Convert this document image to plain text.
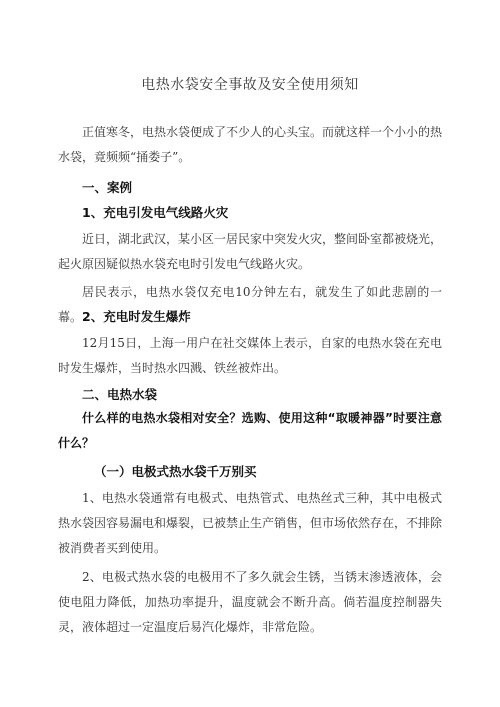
电热水袋安全事故及安全使用须知
正值寒冬，电热水袋便成了不少人的心头宝。而就这样一个小小的热水袋，竟频频“捅娄子”。
一、案例
1、充电引发电气线路火灾
近日，湖北武汉，某小区一居民家中突发火灾，整间卧室都被烧光，起火原因疑似热水袋充电时引发电气线路火灾。
居民表示，电热水袋仅充电10分钟左右，就发生了如此悲剧的一幕。 2、充电时发生爆炸
12月15日，上海一用户在社交媒体上表示，自家的电热水袋在充电时发生爆炸，当时热水四溅、铁丝被炸出。
二、电热水袋
什么样的电热水袋相对安全？选购、使用这种“取暖神器”时要注意什么？
（一）电极式热水袋千万别买
1、电热水袋通常有电极式、电热管式、电热丝式三种，其中电极式热水袋因容易漏电和爆裂，已被禁止生产销售，但市场依然存在，不排除被消费者买到使用。
2、电极式热水袋的电极用不了多久就会生锈，当锈末渗透液体，会使电阻力降低，加热功率提升，温度就会不断升高。倘若温度控制器失灵，液体超过一定温度后易汽化爆炸，非常危险。
